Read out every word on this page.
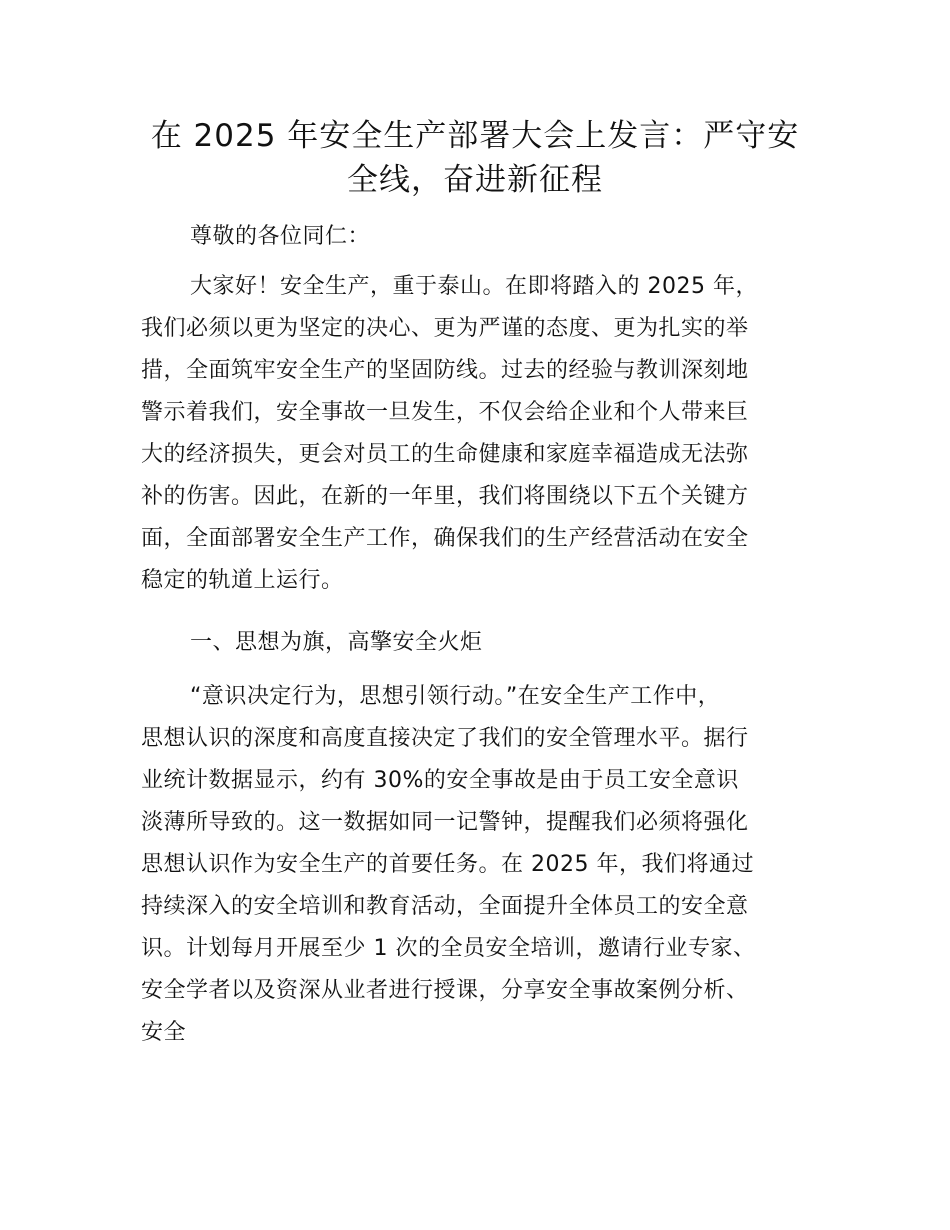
在 2025 年安全生产部署大会上发言：严守安
全线，奋进新征程
尊敬的各位同仁：
大家好！安全生产，重于泰山。在即将踏入的 2025 年，
我们必须以更为坚定的决心、更为严谨的态度、更为扎实的举
措，全面筑牢安全生产的坚固防线。过去的经验与教训深刻地
警示着我们，安全事故一旦发生，不仅会给企业和个人带来巨
大的经济损失，更会对员工的生命健康和家庭幸福造成无法弥
补的伤害。因此，在新的一年里，我们将围绕以下五个关键方
面，全面部署安全生产工作，确保我们的生产经营活动在安全
稳定的轨道上运行。
一、思想为旗，高擎安全火炬
“意识决定行为，思想引领行动。”在安全生产工作中，
思想认识的深度和高度直接决定了我们的安全管理水平。据行
业统计数据显示，约有 30%的安全事故是由于员工安全意识
淡薄所导致的。这一数据如同一记警钟，提醒我们必须将强化
思想认识作为安全生产的首要任务。在 2025 年，我们将通过
持续深入的安全培训和教育活动，全面提升全体员工的安全意
识。计划每月开展至少 1 次的全员安全培训，邀请行业专家、
安全学者以及资深从业者进行授课，分享安全事故案例分析、
安全
